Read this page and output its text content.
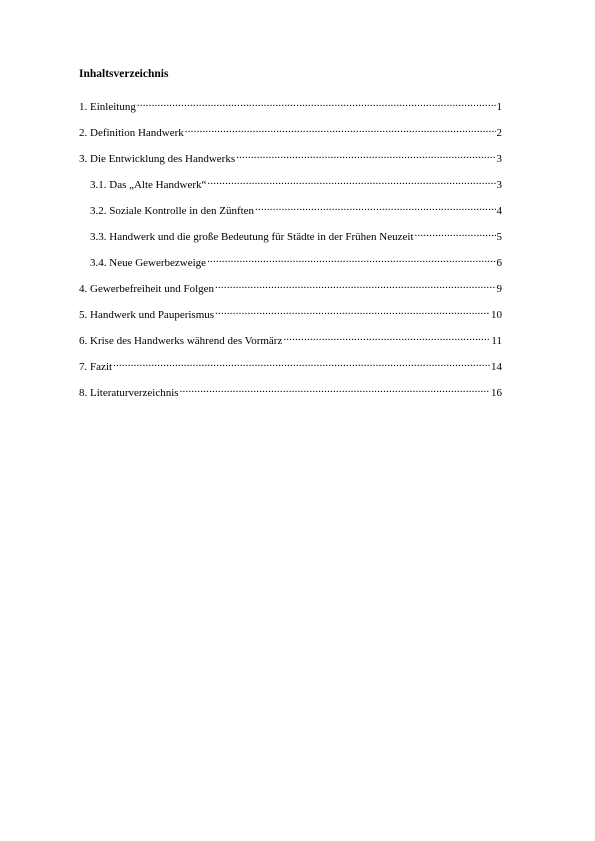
Inhaltsverzeichnis
1. Einleitung .....	1
2. Definition Handwerk .....	2
3. Die Entwicklung des Handwerks .....	3
3.1. Das „Alte Handwerk“ .....	3
3.2. Soziale Kontrolle in den Zünften .....	4
3.3. Handwerk und die große Bedeutung für Städte in der Frühen Neuzeit .....	5
3.4. Neue Gewerbezweige .....	6
4. Gewerbefreiheit und Folgen .....	9
5. Handwerk und Pauperismus .....	10
6. Krise des Handwerks während des Vormärz .....	11
7. Fazit .....	14
8. Literaturverzeichnis .....	16
